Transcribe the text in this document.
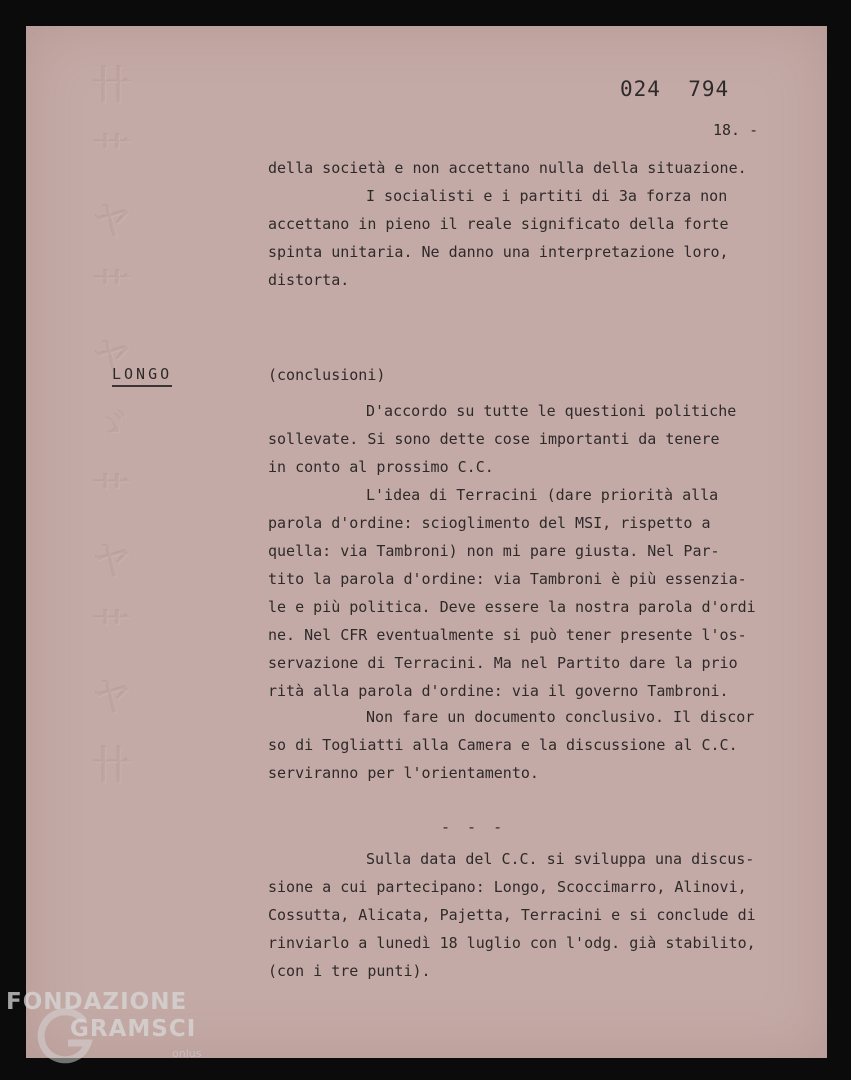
卄
艹
ヤ
艹
ヤ
ゞ
艹
ヤ
艹
ヤ
卄
024  794
18. -
LONGO
della società e non accettano nulla della situazione.
I socialisti e i partiti di 3a forza non
accettano in pieno il reale significato della forte
spinta unitaria. Ne danno una interpretazione loro,
distorta.
(conclusioni)
D'accordo su tutte le questioni politiche
sollevate. Si sono dette cose importanti da tenere
in conto al prossimo C.C.
L'idea di Terracini (dare priorità alla
parola d'ordine: scioglimento del MSI, rispetto a
quella: via Tambroni) non mi pare giusta. Nel Par-
tito la parola d'ordine: via Tambroni è più essenzia-
le e più politica. Deve essere la nostra parola d'ordi
ne. Nel CFR eventualmente si può tener presente l'os-
servazione di Terracini. Ma nel Partito dare la prio
rità alla parola d'ordine: via il governo Tambroni.
Non fare un documento conclusivo. Il discor
so di Togliatti alla Camera e la discussione al C.C.
serviranno per l'orientamento.
- - -
Sulla data del C.C. si sviluppa una discus-
sione a cui partecipano: Longo, Scoccimarro, Alinovi,
Cossutta, Alicata, Pajetta, Terracini e si conclude di
rinviarlo a lunedì 18 luglio con l'odg. già stabilito,
(con i tre punti).
FONDAZIONE
GRAMSCI
onlus
